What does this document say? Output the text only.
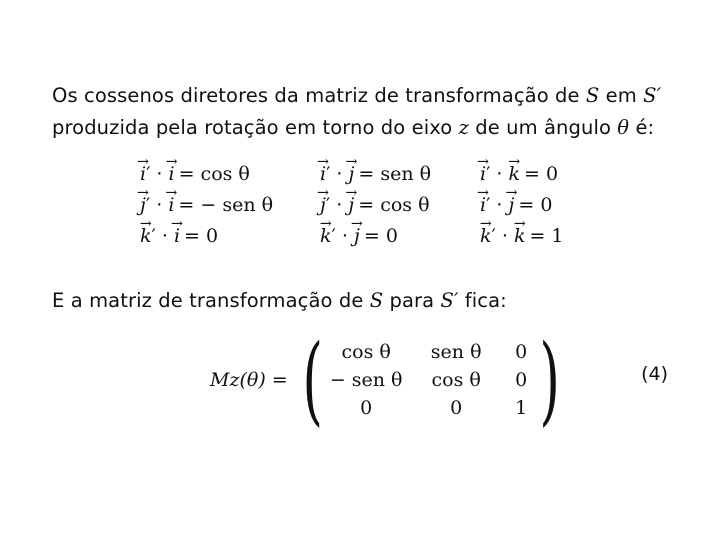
Os cossenos diretores da matriz de transformação de S em S′
produzida pela rotação em torno do eixo z de um ângulo θ é:
i →′ · i → = cos θ	i →′ · j → = sen θ	i →′ · k → = 0
j →′ · i → = − sen θ	j →′ · j → = cos θ	i →′ · j → = 0
k →′ · i → = 0	k →′ · j → = 0	k →′ · k → = 1
E a matriz de transformação de S para S′ fica:
Mz(θ) = ( cos θ	sen θ	0
− sen θ	cos θ	0
0	0	1 )	(4)
